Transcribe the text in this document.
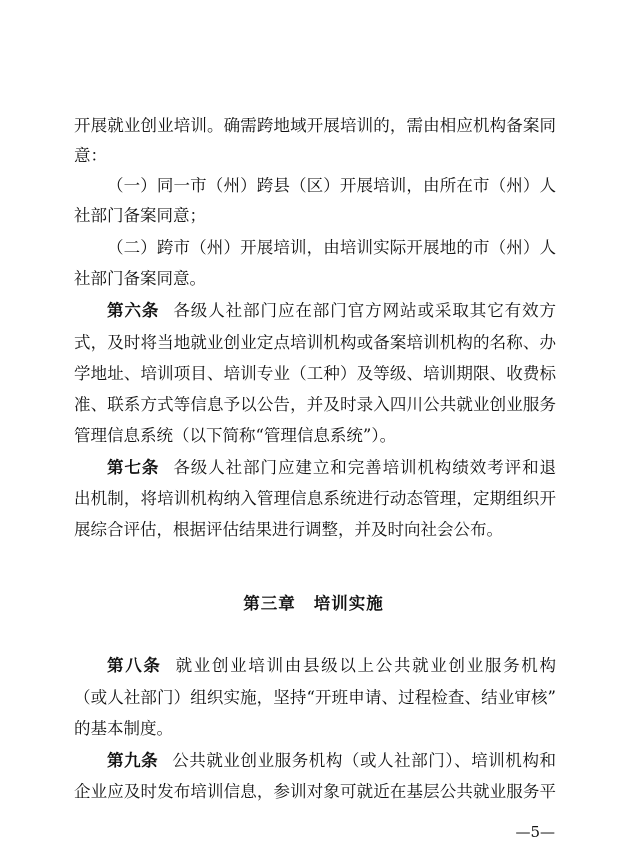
开展就业创业培训。确需跨地域开展培训的，需由相应机构备案同
意：
（一）同一市（州）跨县（区）开展培训，由所在市（州）人
社部门备案同意；
（二）跨市（州）开展培训，由培训实际开展地的市（州）人
社部门备案同意。
第六条 各级人社部门应在部门官方网站或采取其它有效方
式，及时将当地就业创业定点培训机构或备案培训机构的名称、办
学地址、培训项目、培训专业（工种）及等级、培训期限、收费标
准、联系方式等信息予以公告，并及时录入四川公共就业创业服务
管理信息系统（以下简称“管理信息系统”）。
第七条 各级人社部门应建立和完善培训机构绩效考评和退
出机制，将培训机构纳入管理信息系统进行动态管理，定期组织开
展综合评估，根据评估结果进行调整，并及时向社会公布。
第三章 培训实施
第八条 就业创业培训由县级以上公共就业创业服务机构
（或人社部门）组织实施，坚持“开班申请、过程检查、结业审核”
的基本制度。
第九条 公共就业创业服务机构（或人社部门）、培训机构和
企业应及时发布培训信息，参训对象可就近在基层公共就业服务平
—5—
